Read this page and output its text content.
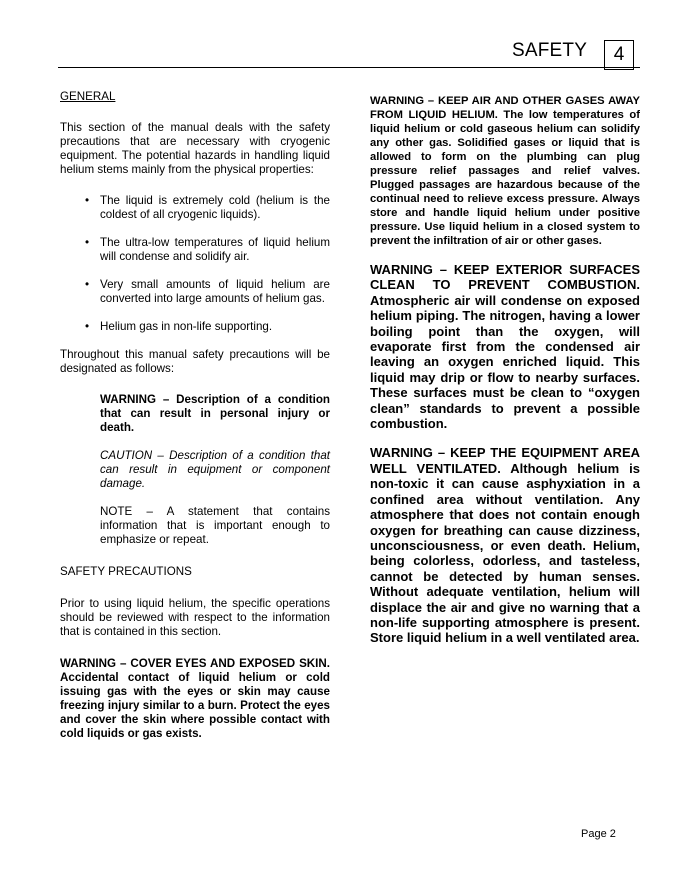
SAFETY	4

GENERAL

This section of the manual deals with the safety precautions that are necessary with cryogenic equipment. The potential hazards in handling liquid helium stems mainly from the physical properties:

• The liquid is extremely cold (helium is the coldest of all cryogenic liquids).
• The ultra-low temperatures of liquid helium will condense and solidify air.
• Very small amounts of liquid helium are converted into large amounts of helium gas.
• Helium gas in non-life supporting.

Throughout this manual safety precautions will be designated as follows:

WARNING – Description of a condition that can result in personal injury or death.

CAUTION – Description of a condition that can result in equipment or component damage.

NOTE – A statement that contains information that is important enough to emphasize or repeat.

SAFETY PRECAUTIONS

Prior to using liquid helium, the specific operations should be reviewed with respect to the information that is contained in this section.

WARNING – COVER EYES AND EXPOSED SKIN. Accidental contact of liquid helium or cold issuing gas with the eyes or skin may cause freezing injury similar to a burn. Protect the eyes and cover the skin where possible contact with cold liquids or gas exists.

WARNING – KEEP AIR AND OTHER GASES AWAY FROM LIQUID HELIUM. The low temperatures of liquid helium or cold gaseous helium can solidify any other gas. Solidified gases or liquid that is allowed to form on the plumbing can plug pressure relief passages and relief valves. Plugged passages are hazardous because of the continual need to relieve excess pressure. Always store and handle liquid helium under positive pressure. Use liquid helium in a closed system to prevent the infiltration of air or other gases.

WARNING – KEEP EXTERIOR SURFACES CLEAN TO PREVENT COMBUSTION. Atmospheric air will condense on exposed helium piping. The nitrogen, having a lower boiling point than the oxygen, will evaporate first from the condensed air leaving an oxygen enriched liquid. This liquid may drip or flow to nearby surfaces. These surfaces must be clean to “oxygen clean” standards to prevent a possible combustion.

WARNING – KEEP THE EQUIPMENT AREA WELL VENTILATED. Although helium is non-toxic it can cause asphyxiation in a confined area without ventilation. Any atmosphere that does not contain enough oxygen for breathing can cause dizziness, unconsciousness, or even death. Helium, being colorless, odorless, and tasteless, cannot be detected by human senses. Without adequate ventilation, helium will displace the air and give no warning that a non-life supporting atmosphere is present. Store liquid helium in a well ventilated area.

Page 2
